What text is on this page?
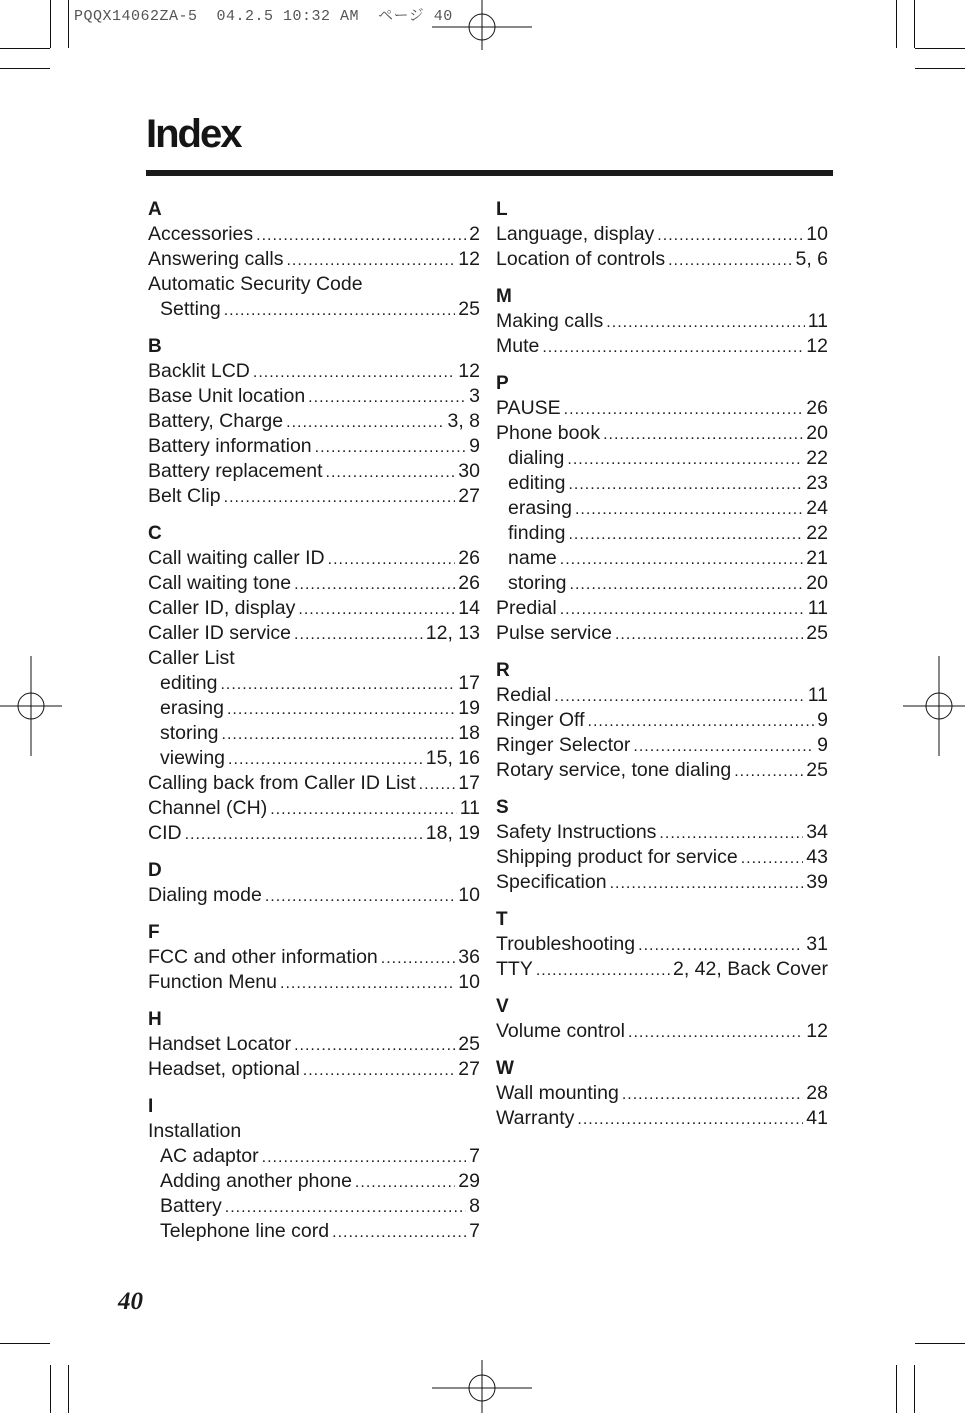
PQQX14062ZA-5  04.2.5 10:32 AM  ページ 40
Index
A
Accessories .....	2
Answering calls .....	12
Automatic Security Code
Setting .....	25
B
Backlit LCD .....	12
Base Unit location .....	3
Battery, Charge .....	3, 8
Battery information .....	9
Battery replacement .....	30
Belt Clip .....	27
C
Call waiting caller ID .....	26
Call waiting tone .....	26
Caller ID, display .....	14
Caller ID service .....	12, 13
Caller List
editing .....	17
erasing .....	19
storing .....	18
viewing .....	15, 16
Calling back from Caller ID List ..... 17
Channel (CH) .....	11
CID .....	18, 19
D
Dialing mode .....	10
F
FCC and other information .....	36
Function Menu .....	10
H
Handset Locator .....	25
Headset, optional .....	27
I
Installation
AC adaptor .....	7
Adding another phone .....	29
Battery .....	8
Telephone line cord .....	7
L
Language, display .....	10
Location of controls .....	5, 6
M
Making calls .....	11
Mute .....	12
P
PAUSE .....	26
Phone book .....	20
dialing .....	22
editing .....	23
erasing .....	24
finding .....	22
name .....	21
storing .....	20
Predial .....	11
Pulse service .....	25
R
Redial .....	11
Ringer Off .....	9
Ringer Selector .....	9
Rotary service, tone dialing .....	25
S
Safety Instructions .....	34
Shipping product for service .....	43
Specification .....	39
T
Troubleshooting .....	31
TTY .....	2, 42, Back Cover
V
Volume control .....	12
W
Wall mounting .....	28
Warranty .....	41
40
